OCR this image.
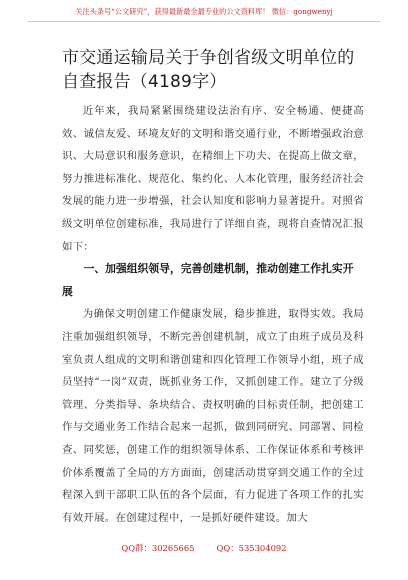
关注头条号“公文研究”，获得最新最全最专业的公文资料库！ 微信：gongwenyj
市交通运输局关于争创省级文明单位的自查报告（4189字）

近年来，我局紧紧围绕建设法治有序、安全畅通、便捷高效、诚信友爱、环境友好的文明和谐交通行业，不断增强政治意识、大局意识和服务意识，在精细上下功夫、在提高上做文章，努力推进标准化、规范化、集约化、人本化管理，服务经济社会发展的能力进一步增强，社会认知度和影响力显著提升。对照省级文明单位创建标准，我局进行了详细自查，现将自查情况汇报如下：

一、加强组织领导，完善创建机制，推动创建工作扎实开展

为确保文明创建工作健康发展，稳步推进，取得实效。我局注重加强组织领导，不断完善创建机制，成立了由班子成员及科室负责人组成的文明和谐创建和四化管理工作领导小组，班子成员坚持“一岗”双责，既抓业务工作，又抓创建工作。建立了分级管理、分类指导、条块结合、责权明确的目标责任制，把创建工作与交通业务工作结合起来一起抓，做到同研究、同部署、同检查、同奖惩，创建工作的组织领导体系、工作保证体系和考核评价体系覆盖了全局的方方面面，创建活动贯穿到交通工作的全过程深入到干部职工队伍的各个层面，有力促进了各项工作的扎实有效开展。在创建过程中，一是抓好硬件建设。加大

QQ群：30265665	QQ：535304092
